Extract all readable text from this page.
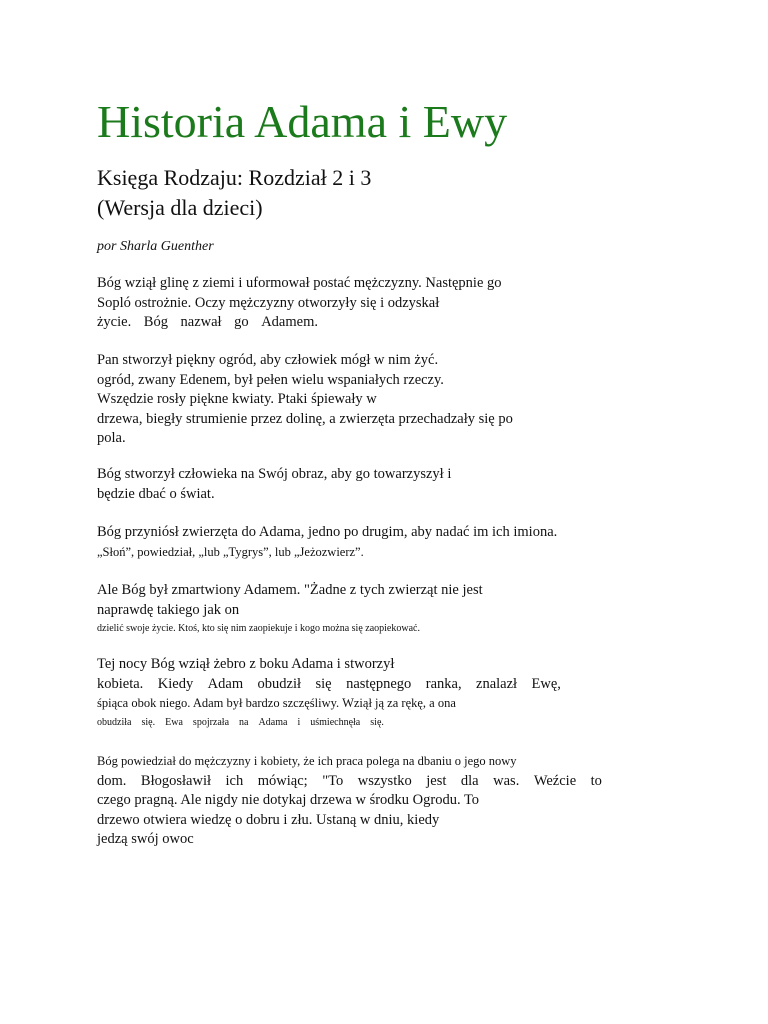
Historia Adama i Ewy
Księga Rodzaju: Rozdział 2 i 3
(Wersja dla dzieci)

por Sharla Guenther

Bóg wziął glinę z ziemi i uformował postać mężczyzny. Następnie go
Sopló ostrożnie. Oczy mężczyzny otworzyły się i odzyskał
życie. Bóg nazwał go Adamem.
Pan stworzył piękny ogród, aby człowiek mógł w nim żyć.
ogród, zwany Edenem, był pełen wielu wspaniałych rzeczy.
Wszędzie rosły piękne kwiaty. Ptaki śpiewały w
drzewa, biegły strumienie przez dolinę, a zwierzęta przechadzały się po
pola.
Bóg stworzył człowieka na Swój obraz, aby go towarzyszył i
będzie dbać o świat.
Bóg przyniósł zwierzęta do Adama, jedno po drugim, aby nadać im ich imiona.
„Słoń”, powiedział, „lub „Tygrys”, lub „Jeżozwierz”.
Ale Bóg był zmartwiony Adamem. "Żadne z tych zwierząt nie jest
naprawdę takiego jak on
dzielić swoje życie. Ktoś, kto się nim zaopiekuje i kogo można się zaopiekować.
Tej nocy Bóg wziął żebro z boku Adama i stworzył
kobieta. Kiedy Adam obudził się następnego ranka, znalazł Ewę,
śpiąca obok niego. Adam był bardzo szczęśliwy. Wziął ją za rękę, a ona
obudziła się. Ewa spojrzała na Adama i uśmiechnęła się.
Bóg powiedział do mężczyzny i kobiety, że ich praca polega na dbaniu o jego nowy
dom. Błogosławił ich mówiąc; "To wszystko jest dla was. Weźcie to
czego pragną. Ale nigdy nie dotykaj drzewa w środku Ogrodu. To
drzewo otwiera wiedzę o dobru i złu. Ustaną w dniu, kiedy
jedzą swój owoc
